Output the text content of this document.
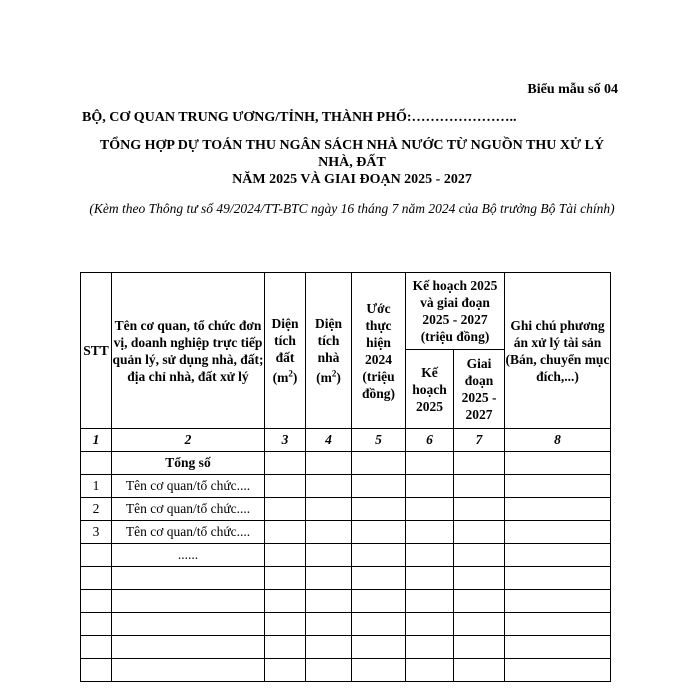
Biểu mẫu số 04
BỘ, CƠ QUAN TRUNG ƯƠNG/TỈNH, THÀNH PHỐ:…………………..
TỔNG HỢP DỰ TOÁN THU NGÂN SÁCH NHÀ NƯỚC TỪ NGUỒN THU XỬ LÝ NHÀ, ĐẤT
NĂM 2025 VÀ GIAI ĐOẠN 2025 - 2027
(Kèm theo Thông tư số 49/2024/TT-BTC ngày 16 tháng 7 năm 2024 của Bộ trưởng Bộ Tài chính)
STT	Tên cơ quan, tổ chức đơn vị, doanh nghiệp trực tiếp quản lý, sử dụng nhà, đất; địa chỉ nhà, đất xử lý	Diện tích đất $(m^2)$	Diện tích nhà $(m^2)$	Ước thực hiện 2024 (triệu đồng)	Kế hoạch 2025 và giai đoạn 2025 - 2027 (triệu đồng)		Ghi chú phương án xử lý tài sản (Bán, chuyển mục đích,...)
					Kế hoạch 2025	Giai đoạn 2025 - 2027	
1	2	3	4	5	6	7	8
	Tổng số						
1	Tên cơ quan/tổ chức....						
2	Tên cơ quan/tổ chức....						
3	Tên cơ quan/tổ chức....						
	......						
